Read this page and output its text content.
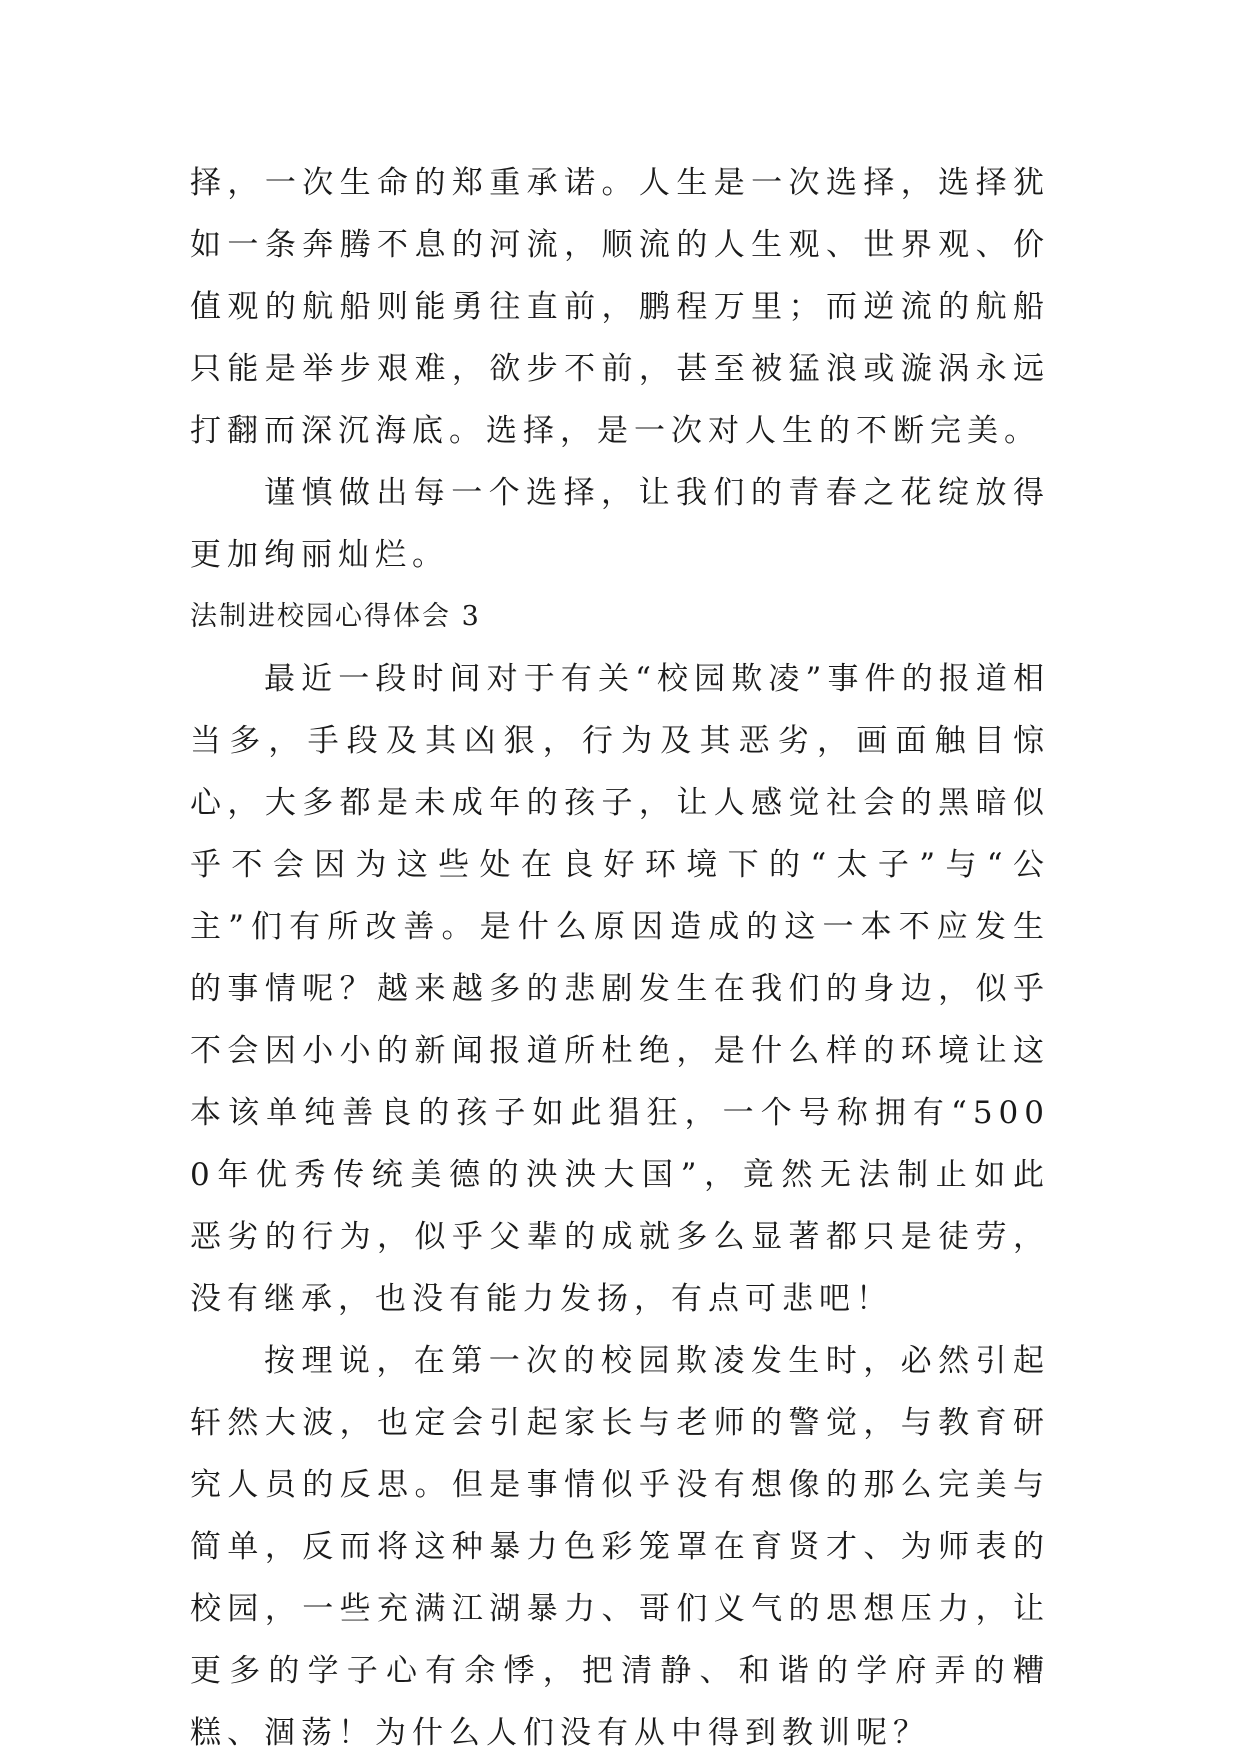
择，一次生命的郑重承诺。人生是一次选择，选择犹如一条奔腾不息的河流，顺流的人生观、世界观、价值观的航船则能勇往直前，鹏程万里；而逆流的航船只能是举步艰难，欲步不前，甚至被猛浪或漩涡永远打翻而深沉海底。选择，是一次对人生的不断完美。

谨慎做出每一个选择，让我们的青春之花绽放得更加绚丽灿烂。

法制进校园心得体会 3

最近一段时间对于有关“校园欺凌”事件的报道相当多，手段及其凶狠，行为及其恶劣，画面触目惊心，大多都是未成年的孩子，让人感觉社会的黑暗似乎不会因为这些处在良好环境下的“太子”与“公主”们有所改善。是什么原因造成的这一本不应发生的事情呢？越来越多的悲剧发生在我们的身边，似乎不会因小小的新闻报道所杜绝，是什么样的环境让这本该单纯善良的孩子如此猖狂，一个号称拥有“5000年优秀传统美德的泱泱大国”，竟然无法制止如此恶劣的行为，似乎父辈的成就多么显著都只是徒劳，没有继承，也没有能力发扬，有点可悲吧！

按理说，在第一次的校园欺凌发生时，必然引起轩然大波，也定会引起家长与老师的警觉，与教育研究人员的反思。但是事情似乎没有想像的那么完美与简单，反而将这种暴力色彩笼罩在育贤才、为师表的校园，一些充满江湖暴力、哥们义气的思想压力，让更多的学子心有余悸，把清静、和谐的学府弄的糟糕、涸荡！为什么人们没有从中得到教训呢？
